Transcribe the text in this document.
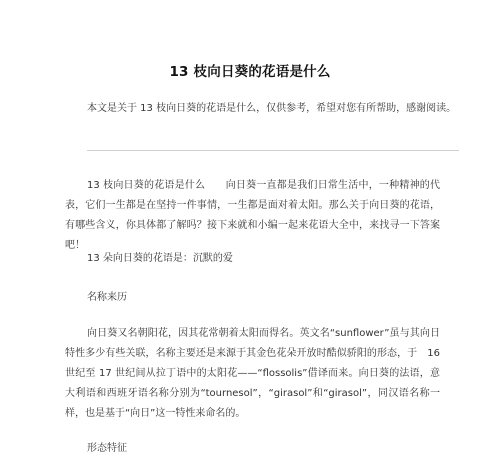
13 枝向日葵的花语是什么
本文是关于 13 枝向日葵的花语是什么，仅供参考，希望对您有所帮助，感谢阅读。

13 枝向日葵的花语是什么　　向日葵一直都是我们日常生活中，一种精神的代表，它们一生都是在坚持一件事情，一生都是面对着太阳。那么关于向日葵的花语，有哪些含义，你具体都了解吗？接下来就和小编一起来花语大全中，来找寻一下答案吧！

13 朵向日葵的花语是：沉默的爱

名称来历

向日葵又名朝阳花，因其花常朝着太阳而得名。英文名“sunflower”虽与其向日特性多少有些关联，名称主要还是来源于其金色花朵开放时酷似骄阳的形态，于　16　世纪至 17 世纪间从拉丁语中的太阳花——“flossolis”借译而来。向日葵的法语，意大利语和西班牙语名称分别为“tournesol”，“girasol”和“girasol”，同汉语名称一样，也是基于“向日”这一特性来命名的。

形态特征
